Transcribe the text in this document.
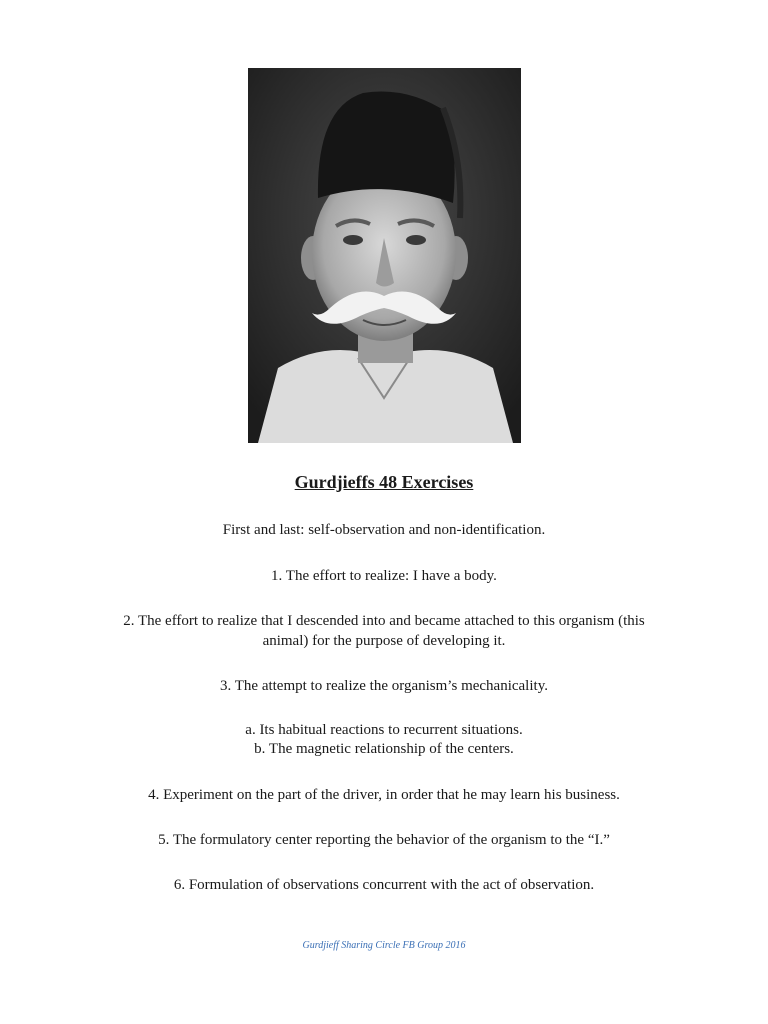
Gurdjieffs 48 Exercises
First and last: self-observation and non-identification.
1. The effort to realize: I have a body.
2. The effort to realize that I descended into and became attached to this organism (this
animal) for the purpose of developing it.
3. The attempt to realize the organism’s mechanicality.
a. Its habitual reactions to recurrent situations.
b. The magnetic relationship of the centers.
4. Experiment on the part of the driver, in order that he may learn his business.
5. The formulatory center reporting the behavior of the organism to the “I.”
6. Formulation of observations concurrent with the act of observation.
Gurdjieff Sharing Circle FB Group 2016
